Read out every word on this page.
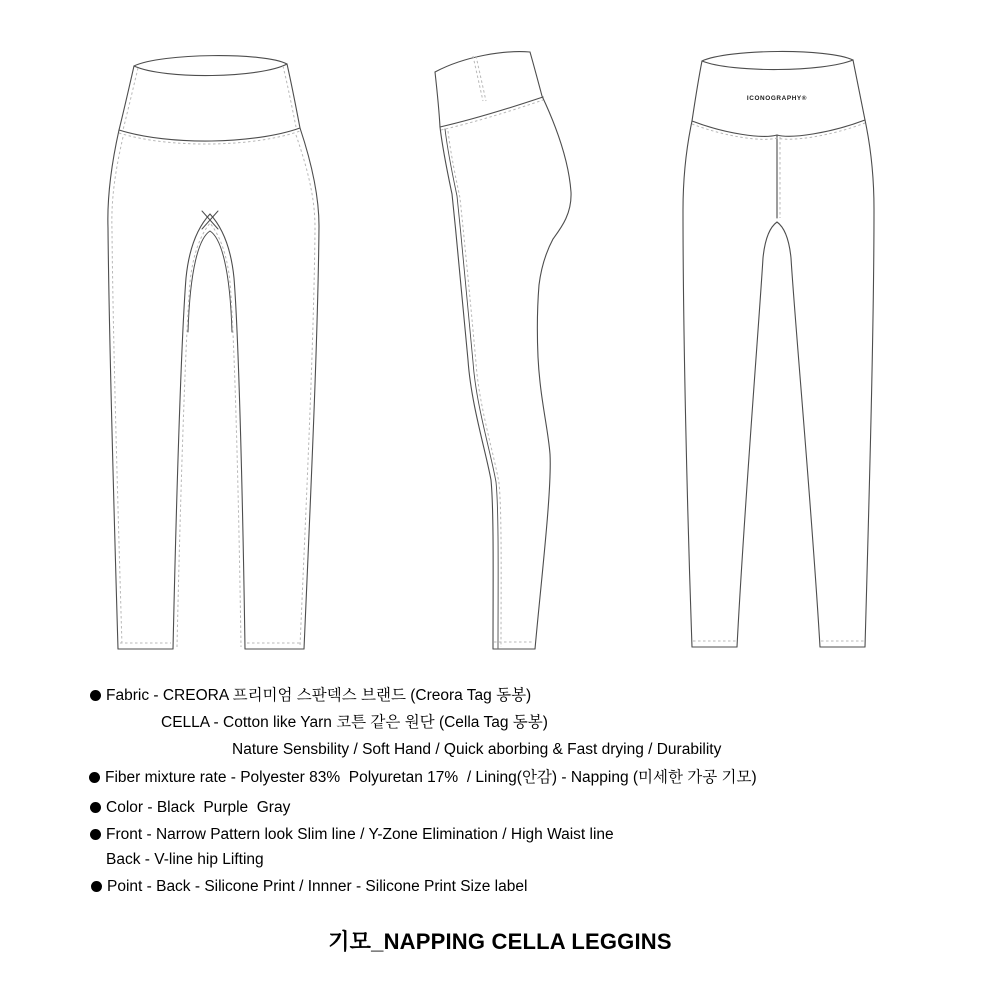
ICONOGRAPHY®
Fabric - CREORA 프리미엄 스판덱스 브랜드 (Creora Tag 동봉)
CELLA - Cotton like Yarn 코튼 같은 원단 (Cella Tag 동봉)
Nature Sensbility / Soft Hand / Quick aborbing & Fast drying / Durability
Fiber mixture rate - Polyester 83%  Polyuretan 17%  / Lining(안감) - Napping (미세한 가공 기모)
Color - Black  Purple  Gray
Front - Narrow Pattern look Slim line / Y-Zone Elimination / High Waist line
Back - V-line hip Lifting
Point - Back - Silicone Print / Innner - Silicone Print Size label
기모_NAPPING CELLA LEGGINS
